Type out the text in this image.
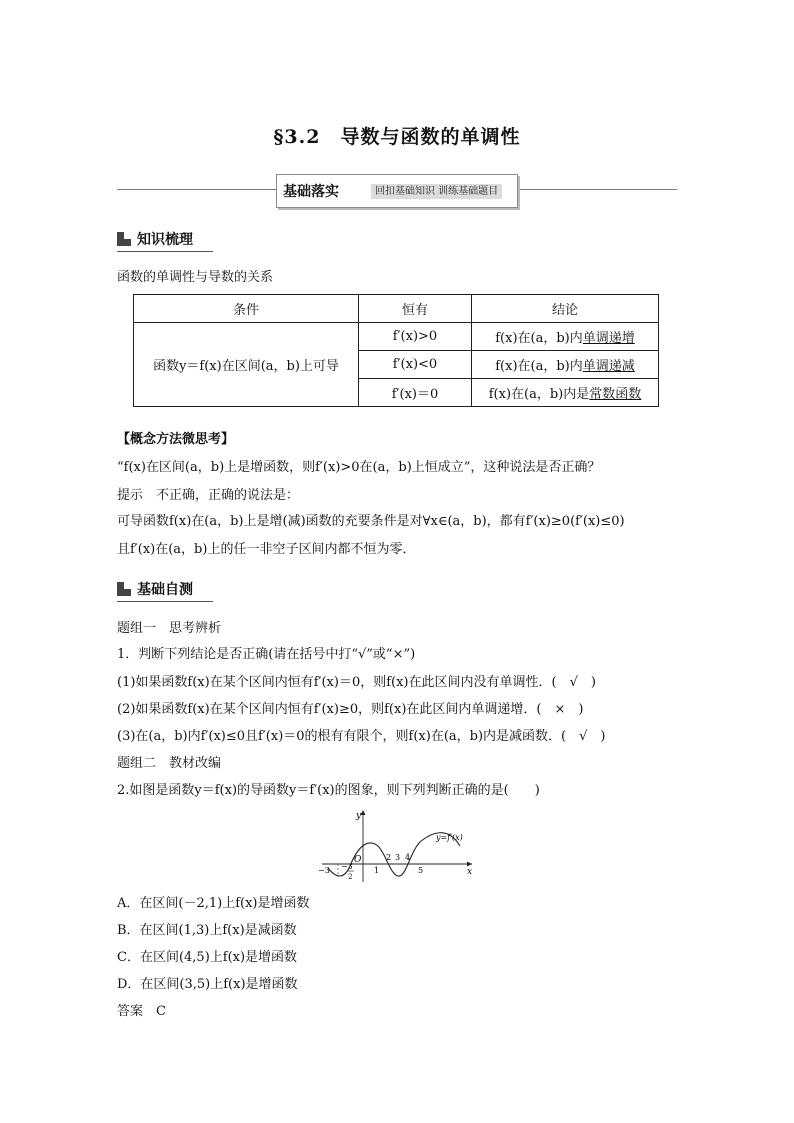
§3.2　导数与函数的单调性
基础落实	回扣基础知识 训练基础题目
知识梳理
函数的单调性与导数的关系
条件	恒有	结论
函数y＝f(x)在区间(a，b)上可导	f′(x)>0	f(x)在(a，b)内单调递增
	f′(x)<0	f(x)在(a，b)内单调递减
	f′(x)＝0	f(x)在(a，b)内是常数函数
【概念方法微思考】
“f(x)在区间(a，b)上是增函数，则f′(x)>0在(a，b)上恒成立”，这种说法是否正确？
提示　不正确，正确的说法是：
可导函数f(x)在(a，b)上是增(减)函数的充要条件是对∀x∈(a，b)，都有f′(x)≥0(f′(x)≤0)
且f′(x)在(a，b)上的任一非空子区间内都不恒为零．
基础自测
题组一　思考辨析
1．判断下列结论是否正确(请在括号中打“√”或“×”)
(1)如果函数f(x)在某个区间内恒有f′(x)＝0，则f(x)在此区间内没有单调性．(　√　)
(2)如果函数f(x)在某个区间内恒有f′(x)≥0，则f(x)在此区间内单调递增．(　×　)
(3)在(a，b)内f′(x)≤0且f′(x)＝0的根有有限个，则f(x)在(a，b)内是减函数．(　√　)
题组二　教材改编
2.如图是函数y＝f(x)的导函数y＝f′(x)的图象，则下列判断正确的是(　　)
y
x
O
y=f′(x)
−3 − 3
2
1
2 3 4
5
A．在区间(－2,1)上f(x)是增函数
B．在区间(1,3)上f(x)是减函数
C．在区间(4,5)上f(x)是增函数
D．在区间(3,5)上f(x)是增函数
答案　C
